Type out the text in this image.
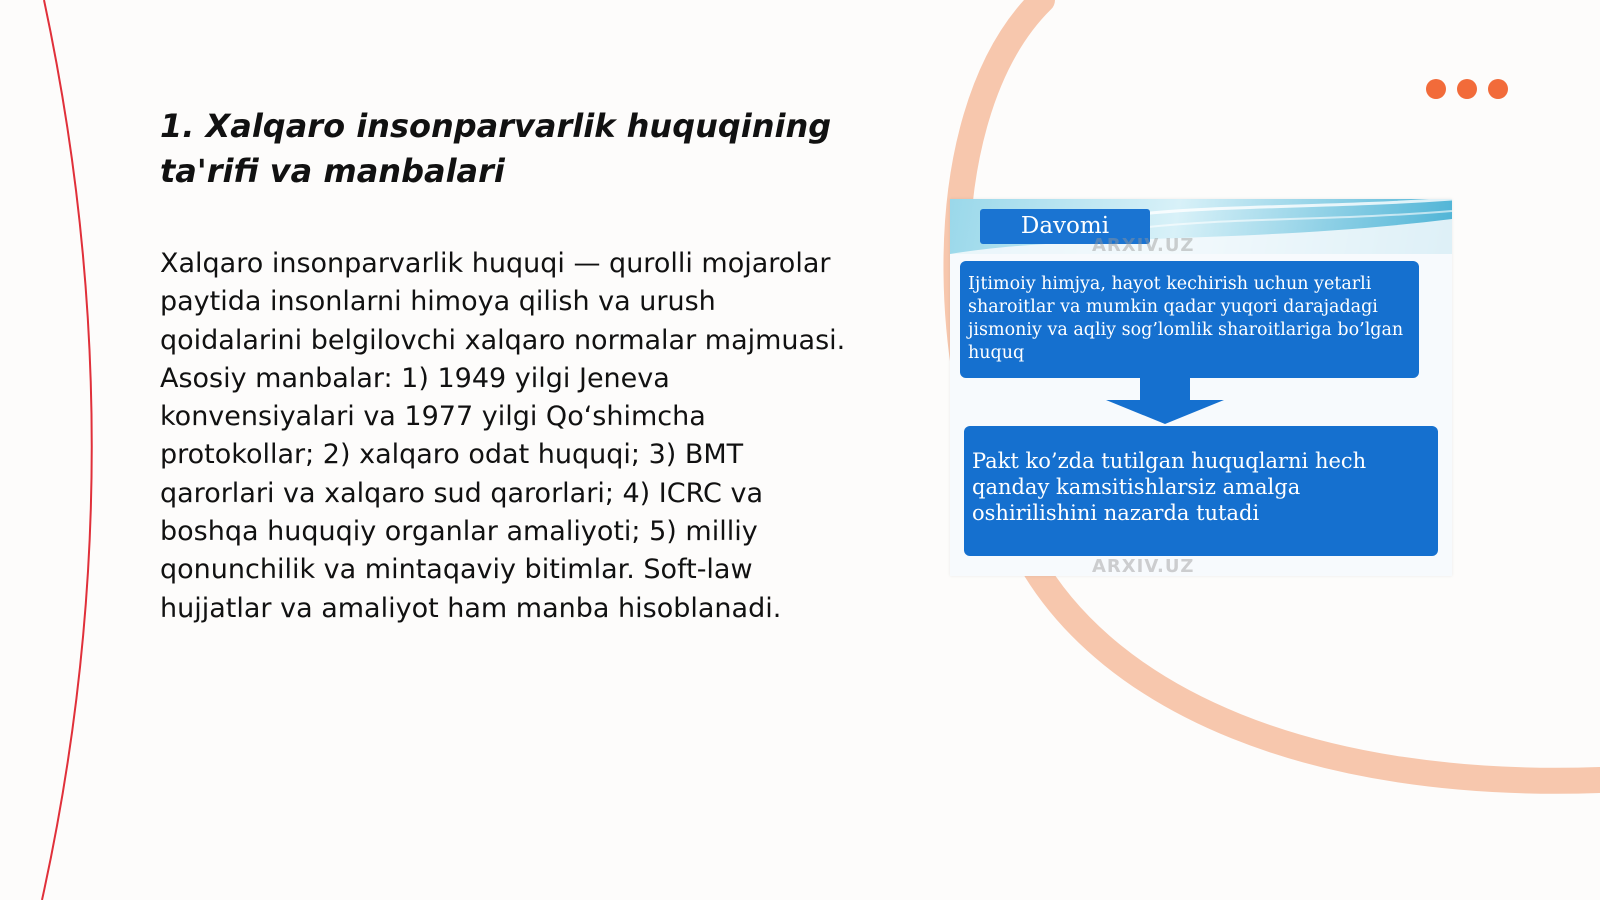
1. Xalqaro insonparvarlik huquqining ta'rifi va manbalari

Xalqaro insonparvarlik huquqi — qurolli mojarolar paytida insonlarni himoya qilish va urush qoidalarini belgilovchi xalqaro normalar majmuasi. Asosiy manbalar: 1) 1949 yilgi Jeneva konvensiyalari va 1977 yilgi Qo‘shimcha protokollar; 2) xalqaro odat huquqi; 3) BMT qarorlari va xalqaro sud qarorlari; 4) ICRC va boshqa huquqiy organlar amaliyoti; 5) milliy qonunchilik va mintaqaviy bitimlar. Soft-law hujjatlar va amaliyot ham manba hisoblanadi.

Davomi
ARXIV.UZ
Ijtimoiy himjya, hayot kechirish uchun yetarli sharoitlar va mumkin qadar yuqori darajadagi jismoniy va aqliy sog’lomlik sharoitlariga bo’lgan huquq
Pakt ko’zda tutilgan huquqlarni hech qanday kamsitishlarsiz amalga oshirilishini nazarda tutadi
ARXIV.UZ
